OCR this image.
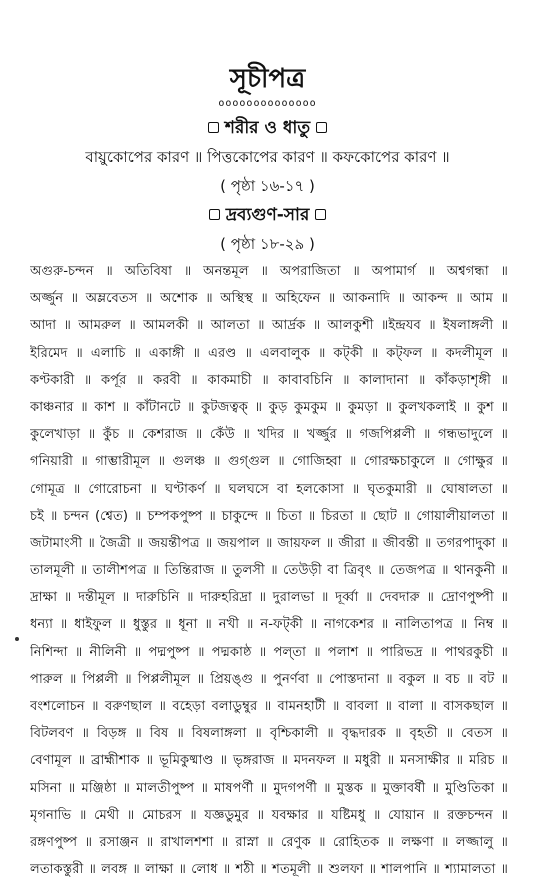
সূচীপত্র
oooooooooooooo
শরীর ও ধাতু
বায়ুকোপের কারণ ॥ পিত্তকোপের কারণ ॥ কফকোপের কারণ ॥
( পৃষ্ঠা ১৬-১৭ )
দ্রব্যগুণ-সার
( পৃষ্ঠা ১৮-২৯ )
অগুরু-চন্দন ॥ অতিবিষা ॥ অনন্তমূল ॥ অপরাজিতা ॥ অপামার্গ ॥ অশ্বগন্ধা ॥
অর্জ্জুন ॥ অম্লবেতস ॥ অশোক ॥ অস্থিস্থ ॥ অহিফেন ॥ আকনাদি ॥ আকন্দ ॥ আম ॥
আদা ॥ আমরুল ॥ আমলকী ॥ আলতা ॥ আর্দ্রক ॥ আলকুশী ॥ইন্দ্রযব ॥ ইষলাঙ্গলী ॥
ইরিমেদ ॥ এলাচি ॥ একাঙ্গী ॥ এরণ্ড ॥ এলবালুক ॥ কট্‌কী ॥ কট্‌ফল ॥ কদলীমূল ॥
কণ্টকারী ॥ কর্পূর ॥ করবী ॥ কাকমাচী ॥ কাবাবচিনি ॥ কালাদানা ॥ কাঁকড়াশৃঙ্গী ॥
কাঞ্চনার ॥ কাশ ॥ কাঁটানটে ॥ কুটজত্বক্ ॥ কুড় কুমকুম ॥ কুমড়া ॥ কুলখকলাই ॥ কুশ ॥
কুলেখাড়া ॥ কুঁচ ॥ কেশরাজ ॥ কেঁউ ॥ খদির ॥ খর্জ্জুর ॥ গজপিপ্পলী ॥ গন্ধভাদুলে ॥
গনিয়ারী ॥ গাম্ভারীমূল ॥ গুলঞ্চ ॥ গুগ্গুল ॥ গোজিহ্বা ॥ গোরক্ষচাকুলে ॥ গোক্ষুর ॥
গোমূত্র ॥ গোরোচনা ॥ ঘণ্টাকর্ণ ॥ ঘলঘসে বা হলকোসা ॥ ঘৃতকুমারী ॥ ঘোষালতা ॥
চই ॥ চন্দন (শ্বেত) ॥ চম্পকপুষ্প ॥ চাকুন্দে ॥ চিতা ॥ চিরতা ॥ ছোট ॥ গোয়ালীয়ালতা ॥
জটামাংসী ॥ জৈত্রী ॥ জয়ন্তীপত্র ॥ জয়পাল ॥ জায়ফল ॥ জীরা ॥ জীবন্তী ॥ তগরপাদুকা ॥
তালমূলী ॥ তালীশপত্র ॥ তিন্তিরাজ ॥ তুলসী ॥ তেউড়ী বা ত্রিবৃৎ ॥ তেজপত্র ॥ থানকুনী ॥
দ্রাক্ষা ॥ দন্তীমূল ॥ দারুচিনি ॥ দারুহরিদ্রা ॥ দুরালভা ॥ দূর্ব্বা ॥ দেবদারু ॥ দ্রোণপুষ্পী ॥
ধন্যা ॥ ধাইফুল ॥ ধুস্তুর ॥ ধূনা ॥ নখী ॥ ন-ফট্‌কী ॥ নাগকেশর ॥ নালিতাপত্র ॥ নিম্ব ॥
নিশিন্দা ॥ নীলিনী ॥ পদ্মপুষ্প ॥ পদ্মকাষ্ঠ ॥ পল্‌তা ॥ পলাশ ॥ পারিভদ্র ॥ পাথরকুচী ॥
পারুল ॥ পিপ্পলী ॥ পিপ্পলীমূল ॥ প্রিয়ঙ্গু ॥ পুনর্ণবা ॥ পোস্তদানা ॥ বকুল ॥ বচ ॥ বট ॥
বংশলোচন ॥ বরুণছাল ॥ বহেড়া বলাডুম্বুর ॥ বামনহাটী ॥ বাবলা ॥ বালা ॥ বাসকছাল ॥
বিটলবণ ॥ বিড়ঙ্গ ॥ বিষ ॥ বিষলাঙ্গলা ॥ বৃশ্চিকালী ॥ বৃদ্ধদারক ॥ বৃহতী ॥ বেতস ॥
বেণামূল ॥ ব্রাহ্মীশাক ॥ ভূমিকুষ্মাণ্ড ॥ ভৃঙ্গরাজ ॥ মদনফল ॥ মধুরী ॥ মনসাক্ষীর ॥ মরিচ ॥
মসিনা ॥ মঞ্জিষ্ঠা ॥ মালতীপুষ্প ॥ মাষপর্ণী ॥ মুদগপর্ণী ॥ মুস্তক ॥ মুক্তাবর্ষী ॥ মুণ্ডিতিকা ॥
মৃগনাভি ॥ মেথী ॥ মোচরস ॥ যজ্ঞডুমুর ॥ যবক্ষার ॥ যষ্টিমধু ॥ যোয়ান ॥ রক্তচন্দন ॥
রঙ্গণপুষ্প ॥ রসাঞ্জন ॥ রাখালশশা ॥ রাস্না ॥ রেণুক ॥ রোহিতক ॥ লক্ষণা ॥ লজ্জালু ॥
লতাকস্তুরী ॥ লবঙ্গ ॥ লাক্ষা ॥ লোধ ॥ শঠী ॥ শতমূলী ॥ শুলফা ॥ শালপানি ॥ শ্যামালতা ॥
